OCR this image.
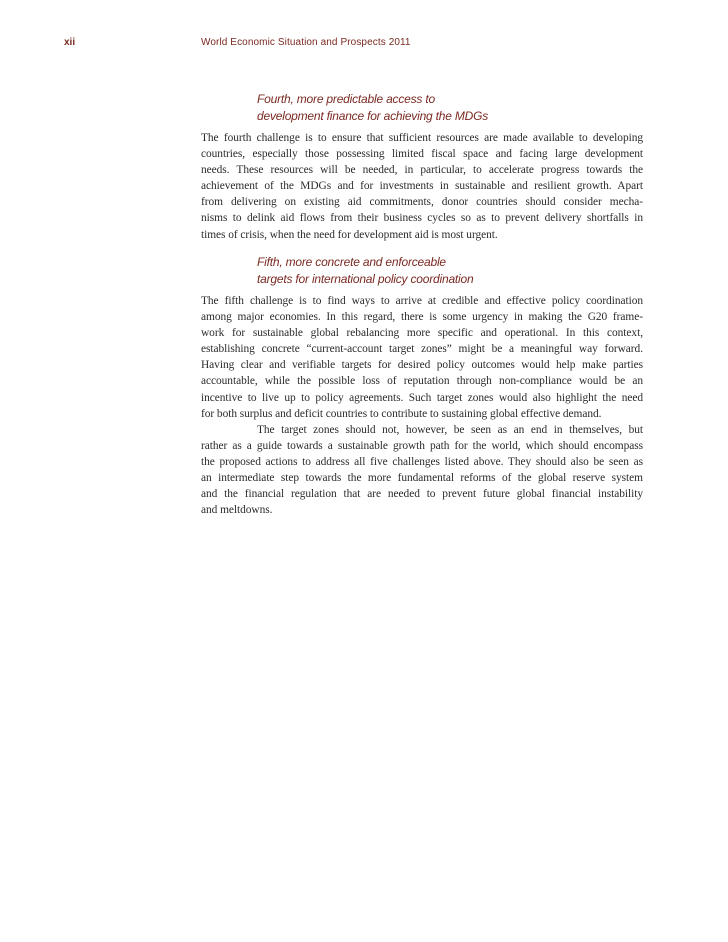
xii	World Economic Situation and Prospects 2011
Fourth, more predictable access to
development finance for achieving the MDGs
The fourth challenge is to ensure that sufficient resources are made available to developing
countries, especially those possessing limited fiscal space and facing large development
needs. These resources will be needed, in particular, to accelerate progress towards the
achievement of the MDGs and for investments in sustainable and resilient growth. Apart
from delivering on existing aid commitments, donor countries should consider mecha-
nisms to delink aid flows from their business cycles so as to prevent delivery shortfalls in
times of crisis, when the need for development aid is most urgent.
Fifth, more concrete and enforceable
targets for international policy coordination
The fifth challenge is to find ways to arrive at credible and effective policy coordination
among major economies. In this regard, there is some urgency in making the G20 frame-
work for sustainable global rebalancing more specific and operational. In this context,
establishing concrete “current-account target zones” might be a meaningful way forward.
Having clear and verifiable targets for desired policy outcomes would help make parties
accountable, while the possible loss of reputation through non-compliance would be an
incentive to live up to policy agreements. Such target zones would also highlight the need
for both surplus and deficit countries to contribute to sustaining global effective demand.
The target zones should not, however, be seen as an end in themselves, but
rather as a guide towards a sustainable growth path for the world, which should encompass
the proposed actions to address all five challenges listed above. They should also be seen as
an intermediate step towards the more fundamental reforms of the global reserve system
and the financial regulation that are needed to prevent future global financial instability
and meltdowns.
